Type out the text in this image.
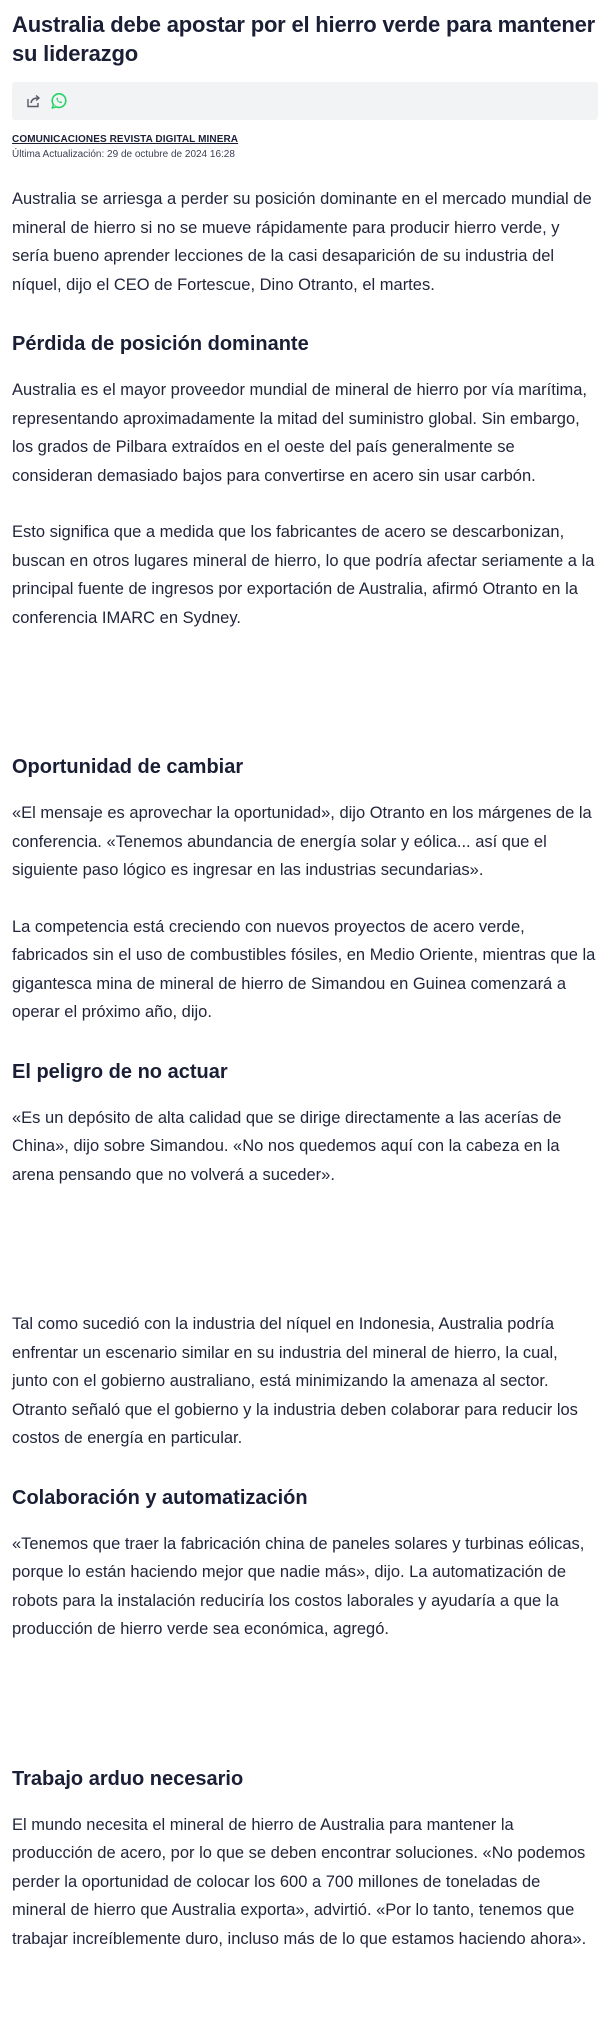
Australia debe apostar por el hierro verde para mantener su liderazgo
COMUNICACIONES REVISTA DIGITAL MINERA
Última Actualización: 29 de octubre de 2024 16:28

Australia se arriesga a perder su posición dominante en el mercado mundial de mineral de hierro si no se mueve rápidamente para producir hierro verde, y sería bueno aprender lecciones de la casi desaparición de su industria del níquel, dijo el CEO de Fortescue, Dino Otranto, el martes.

Pérdida de posición dominante

Australia es el mayor proveedor mundial de mineral de hierro por vía marítima, representando aproximadamente la mitad del suministro global. Sin embargo, los grados de Pilbara extraídos en el oeste del país generalmente se consideran demasiado bajos para convertirse en acero sin usar carbón.

Esto significa que a medida que los fabricantes de acero se descarbonizan, buscan en otros lugares mineral de hierro, lo que podría afectar seriamente a la principal fuente de ingresos por exportación de Australia, afirmó Otranto en la conferencia IMARC en Sydney.

Oportunidad de cambiar

«El mensaje es aprovechar la oportunidad», dijo Otranto en los márgenes de la conferencia. «Tenemos abundancia de energía solar y eólica... así que el siguiente paso lógico es ingresar en las industrias secundarias».

La competencia está creciendo con nuevos proyectos de acero verde, fabricados sin el uso de combustibles fósiles, en Medio Oriente, mientras que la gigantesca mina de mineral de hierro de Simandou en Guinea comenzará a operar el próximo año, dijo.

El peligro de no actuar

«Es un depósito de alta calidad que se dirige directamente a las acerías de China», dijo sobre Simandou. «No nos quedemos aquí con la cabeza en la arena pensando que no volverá a suceder».

Tal como sucedió con la industria del níquel en Indonesia, Australia podría enfrentar un escenario similar en su industria del mineral de hierro, la cual, junto con el gobierno australiano, está minimizando la amenaza al sector. Otranto señaló que el gobierno y la industria deben colaborar para reducir los costos de energía en particular.

Colaboración y automatización

«Tenemos que traer la fabricación china de paneles solares y turbinas eólicas, porque lo están haciendo mejor que nadie más», dijo. La automatización de robots para la instalación reduciría los costos laborales y ayudaría a que la producción de hierro verde sea económica, agregó.

Trabajo arduo necesario

El mundo necesita el mineral de hierro de Australia para mantener la producción de acero, por lo que se deben encontrar soluciones. «No podemos perder la oportunidad de colocar los 600 a 700 millones de toneladas de mineral de hierro que Australia exporta», advirtió. «Por lo tanto, tenemos que trabajar increíblemente duro, incluso más de lo que estamos haciendo ahora».
